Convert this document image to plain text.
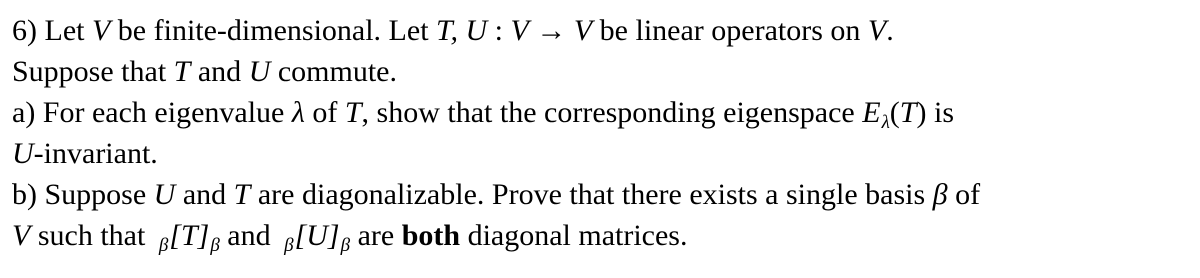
6) Let V be finite-dimensional. Let T, U : V → V be linear operators on V.
Suppose that T and U commute.
a) For each eigenvalue λ of T, show that the corresponding eigenspace $E_\lambda(T)$ is
U-invariant.
b) Suppose U and T are diagonalizable. Prove that there exists a single basis β of
V such that $_\beta[T]_\beta$ and $_\beta[U]_\beta$ are both diagonal matrices.
